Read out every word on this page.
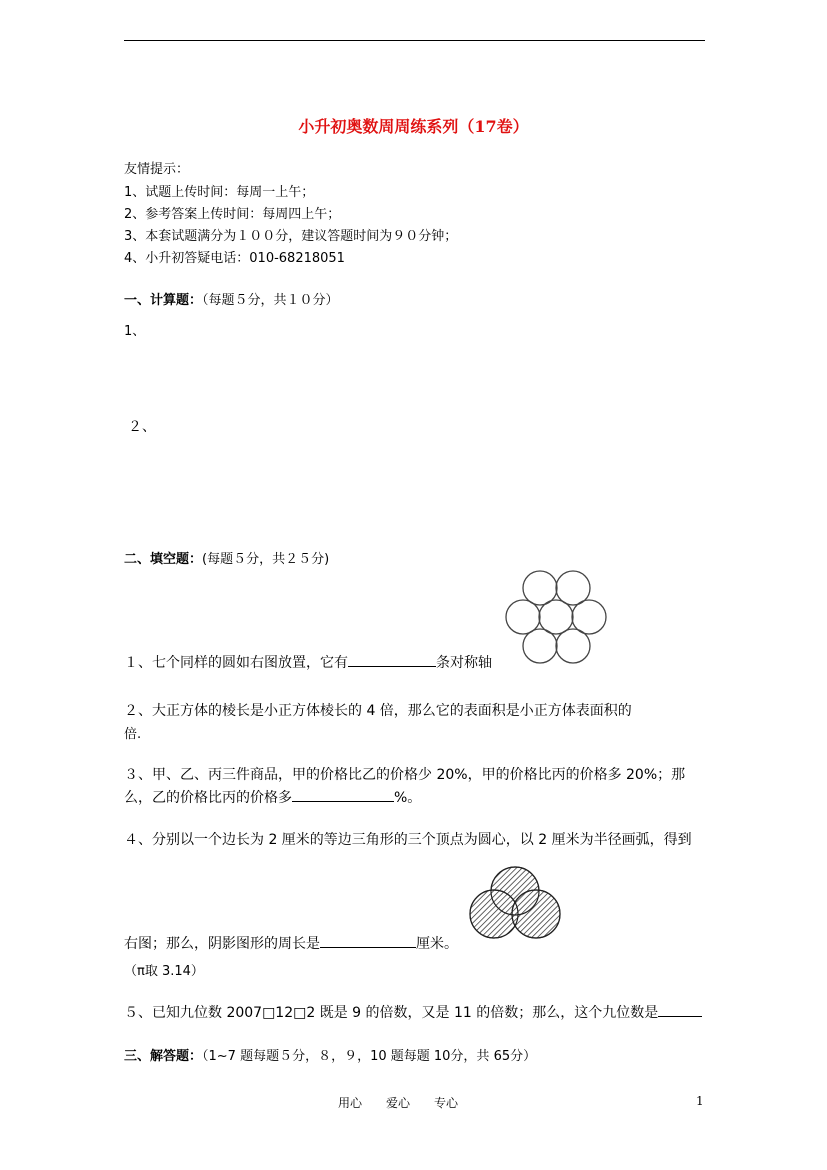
小升初奥数周周练系列（17卷）
友情提示：
1、试题上传时间：每周一上午；
2、参考答案上传时间：每周四上午；
3、本套试题满分为１００分，建议答题时间为９０分钟；
4、小升初答疑电话：010-68218051
一、计算题：（每题５分，共１０分）
1、
２、
二、填空题：(每题５分，共２５分)
１、七个同样的圆如右图放置，它有	条对称轴
２、大正方体的棱长是小正方体棱长的 4 倍，那么它的表面积是小正方体表面积的
倍.
３、甲、乙、丙三件商品，甲的价格比乙的价格少 20%，甲的价格比丙的价格多 20%；那
么，乙的价格比丙的价格多	%。
４、分别以一个边长为 2 厘米的等边三角形的三个顶点为圆心，以 2 厘米为半径画弧，得到
右图；那么，阴影图形的周长是	厘米。
（π取 3.14）
５、已知九位数 2007□12□2 既是 9 的倍数，又是 11 的倍数；那么，这个九位数是
三、解答题：（1~7 题每题５分，８，９，10 题每题 10分，共 65分）
用心　　爱心　　专心	1
